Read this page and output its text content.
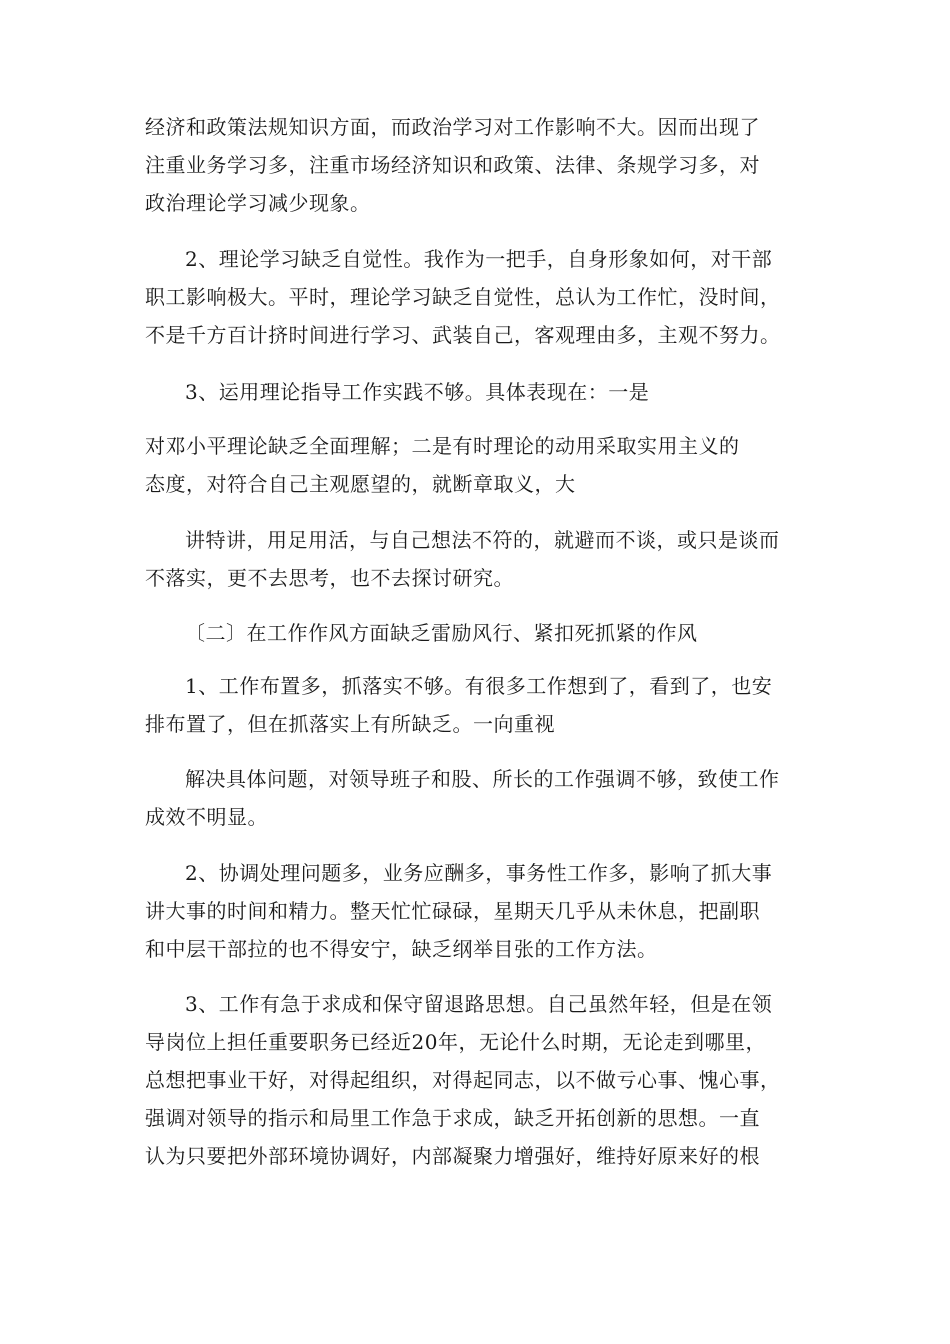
经济和政策法规知识方面，而政治学习对工作影响不大。因而出现了
注重业务学习多，注重市场经济知识和政策、法律、条规学习多，对
政治理论学习减少现象。
2、理论学习缺乏自觉性。我作为一把手，自身形象如何，对干部
职工影响极大。平时，理论学习缺乏自觉性，总认为工作忙，没时间，
不是千方百计挤时间进行学习、武装自己，客观理由多，主观不努力。
3、运用理论指导工作实践不够。具体表现在：一是
对邓小平理论缺乏全面理解；二是有时理论的动用采取实用主义的
态度，对符合自己主观愿望的，就断章取义，大
讲特讲，用足用活，与自己想法不符的，就避而不谈，或只是谈而
不落实，更不去思考，也不去探讨研究。
〔二〕在工作作风方面缺乏雷励风行、紧扣死抓紧的作风
1、工作布置多，抓落实不够。有很多工作想到了，看到了，也安
排布置了，但在抓落实上有所缺乏。一向重视
解决具体问题，对领导班子和股、所长的工作强调不够，致使工作
成效不明显。
2、协调处理问题多，业务应酬多，事务性工作多，影响了抓大事
讲大事的时间和精力。整天忙忙碌碌，星期天几乎从未休息，把副职
和中层干部拉的也不得安宁，缺乏纲举目张的工作方法。
3、工作有急于求成和保守留退路思想。自己虽然年轻，但是在领
导岗位上担任重要职务已经近20年，无论什么时期，无论走到哪里，
总想把事业干好，对得起组织，对得起同志，以不做亏心事、愧心事，
强调对领导的指示和局里工作急于求成，缺乏开拓创新的思想。一直
认为只要把外部环境协调好，内部凝聚力增强好，维持好原来好的根
